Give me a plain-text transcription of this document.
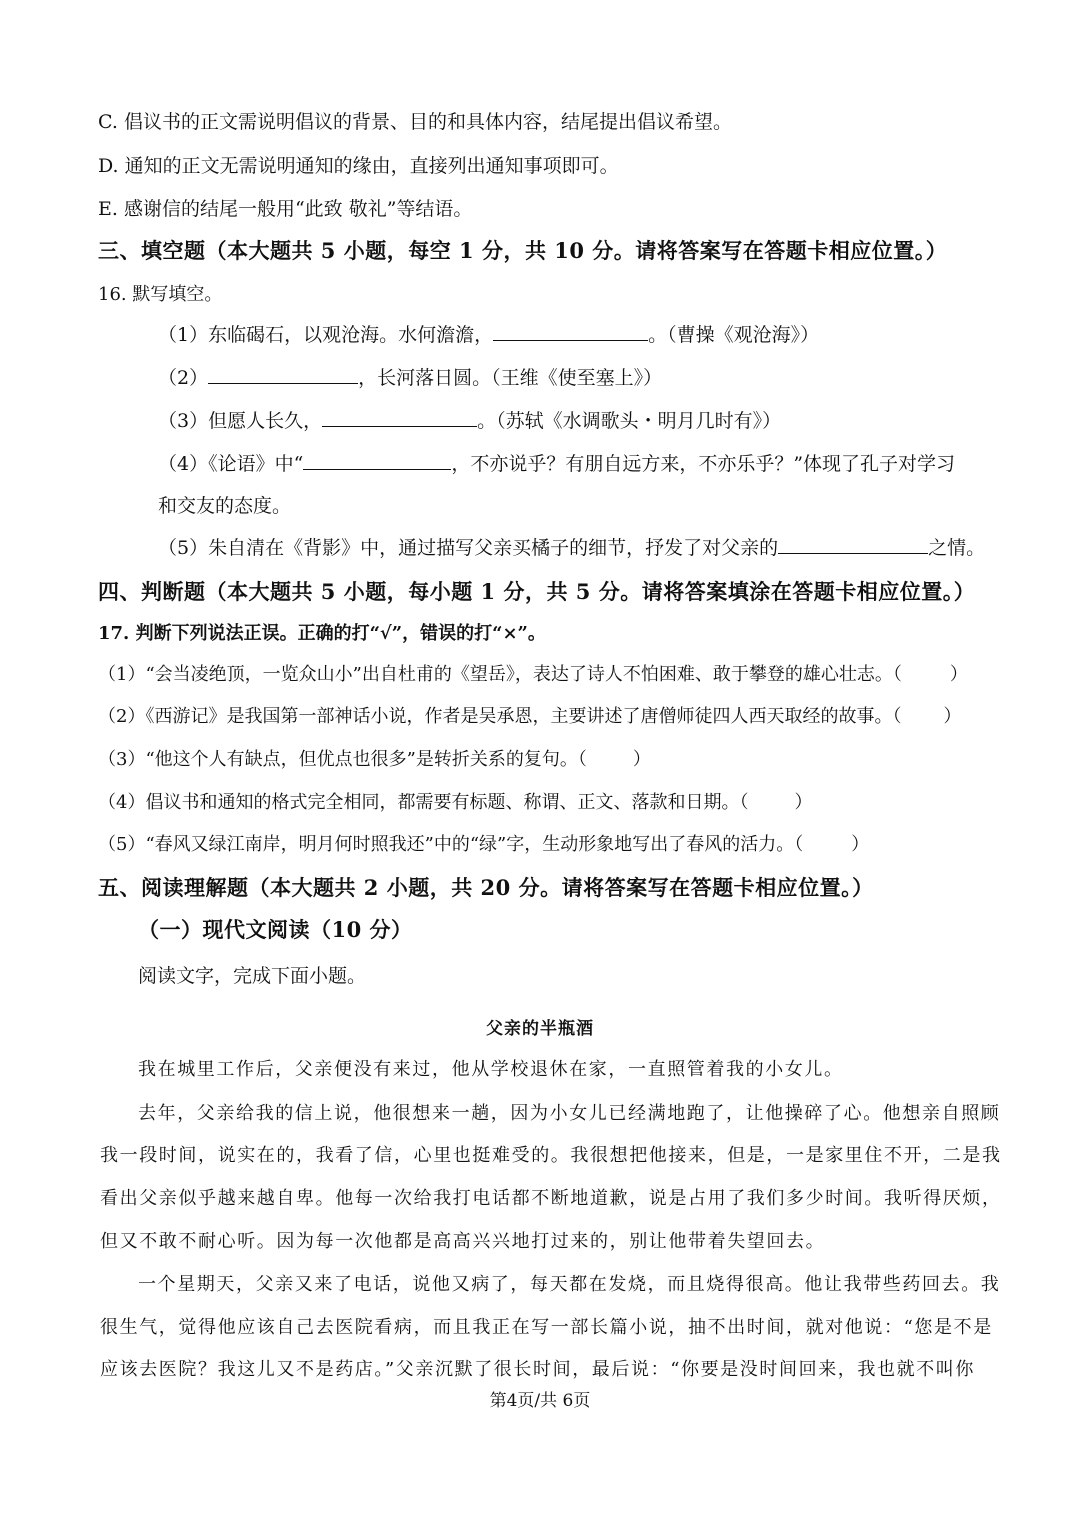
C. 倡议书的正文需说明倡议的背景、目的和具体内容，结尾提出倡议希望。
D. 通知的正文无需说明通知的缘由，直接列出通知事项即可。
E. 感谢信的结尾一般用“此致 敬礼”等结语。
三、填空题（本大题共 5 小题，每空 1 分，共 10 分。请将答案写在答题卡相应位置。）
16. 默写填空。
（1）东临碣石，以观沧海。水何澹澹，	。（曹操《观沧海》）
（2）	，长河落日圆。（王维《使至塞上》）
（3）但愿人长久，	。（苏轼《水调歌头・明月几时有》）
（4）《论语》中“	，不亦说乎？有朋自远方来，不亦乐乎？”体现了孔子对学习
和交友的态度。
（5）朱自清在《背影》中，通过描写父亲买橘子的细节，抒发了对父亲的	之情。
四、判断题（本大题共 5 小题，每小题 1 分，共 5 分。请将答案填涂在答题卡相应位置。）
17. 判断下列说法正误。正确的打“√”，错误的打“×”。
（1）“会当凌绝顶，一览众山小”出自杜甫的《望岳》，表达了诗人不怕困难、敢于攀登的雄心壮志。（	）
（2）《西游记》是我国第一部神话小说，作者是吴承恩，主要讲述了唐僧师徒四人西天取经的故事。（ ）
（3）“他这个人有缺点，但优点也很多”是转折关系的复句。（	）
（4）倡议书和通知的格式完全相同，都需要有标题、称谓、正文、落款和日期。（	）
（5）“春风又绿江南岸，明月何时照我还”中的“绿”字，生动形象地写出了春风的活力。（	）
五、阅读理解题（本大题共 2 小题，共 20 分。请将答案写在答题卡相应位置。）
（一）现代文阅读（10 分）
阅读文字，完成下面小题。
父亲的半瓶酒
我在城里工作后，父亲便没有来过，他从学校退休在家，一直照管着我的小女儿。
去年，父亲给我的信上说，他很想来一趟，因为小女儿已经满地跑了，让他操碎了心。他想亲自照顾
我一段时间，说实在的，我看了信，心里也挺难受的。我很想把他接来，但是，一是家里住不开，二是我
看出父亲似乎越来越自卑。他每一次给我打电话都不断地道歉，说是占用了我们多少时间。我听得厌烦，
但又不敢不耐心听。因为每一次他都是高高兴兴地打过来的，别让他带着失望回去。
一个星期天，父亲又来了电话，说他又病了，每天都在发烧，而且烧得很高。他让我带些药回去。我
很生气，觉得他应该自己去医院看病，而且我正在写一部长篇小说，抽不出时间，就对他说：“您是不是
应该去医院？我这儿又不是药店。”父亲沉默了很长时间，最后说：“你要是没时间回来，我也就不叫你
第4页/共 6页
